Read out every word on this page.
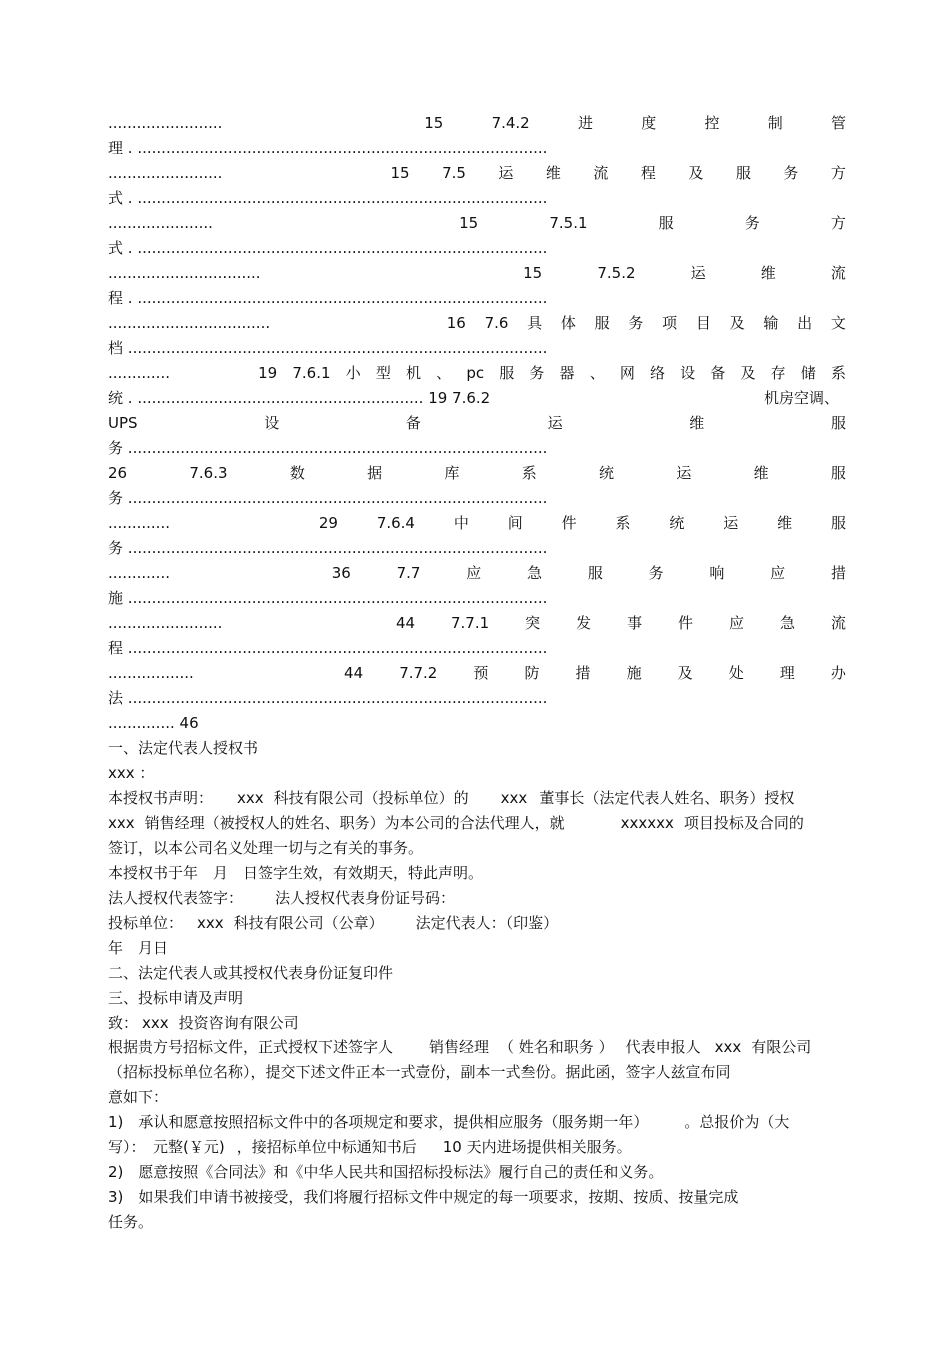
........................	15	7.4.2	进	度	控	制	管
理 . ......................................................................................
........................	15 7.5 运 维 流 程 及 服 务 方
式 . ......................................................................................
......................	15	7.5.1	服	务	方
式 . ......................................................................................
................................	15	7.5.2	运	维	流
程 . ......................................................................................
..................................	16 7.6 具 体 服 务 项 目 及 输 出 文
档 ........................................................................................
.............	19 7.6.1 小 型 机 、 pc 服 务 器 、 网 络 设 备 及 存 储 系
统 . ............................................................ 19 7.6.2	机房空调、
UPS	设	备	运	维	服
务 ........................................................................................
26	7.6.3	数	据	库	系	统	运	维	服
务 ........................................................................................
.............	29	7.6.4	中	间	件	系	统	运	维	服
务 ........................................................................................
.............	36	7.7	应	急	服	务	响	应	措
施 ........................................................................................
........................	44 7.7.1 突 发 事 件 应 急 流
程 ........................................................................................
..................	44 7.7.2 预 防 措 施 及 处 理 办
法 ........................................................................................
.............. 46
一、法定代表人授权书
xxx ：
本授权书声明： xxx 科技有限公司（投标单位）的 xxx 董事长（法定代表人姓名、职务）授权
xxx 销售经理（被授权人的姓名、职务）为本公司的合法代理人，就	xxxxxx 项目投标及合同的
签订，以本公司名义处理一切与之有关的事务。
本授权书于年　月　日签字生效，有效期天，特此声明。
法人授权代表签字： 法人授权代表身份证号码：
投标单位： xxx 科技有限公司（公章） 法定代表人：（印鉴）
年　月日
二、法定代表人或其授权代表身份证复印件
三、投标申请及声明
致： xxx 投资咨询有限公司
根据贵方号招标文件，正式授权下述签字人 销售经理 （ 姓名和职务 ） 代表申报人 xxx 有限公司
（招标投标单位名称），提交下述文件正本一式壹份，副本一式叁份。据此函，签字人兹宣布同
意如下：
1)　承认和愿意按照招标文件中的各项规定和要求，提供相应服务（服务期一年） 。总报价为（大
写）：　元整(￥元) ，接招标单位中标通知书后 10 天内进场提供相关服务。
2)　愿意按照《合同法》和《中华人民共和国招标投标法》履行自己的责任和义务。
3)　如果我们申请书被接受，我们将履行招标文件中规定的每一项要求，按期、按质、按量完成
任务。
